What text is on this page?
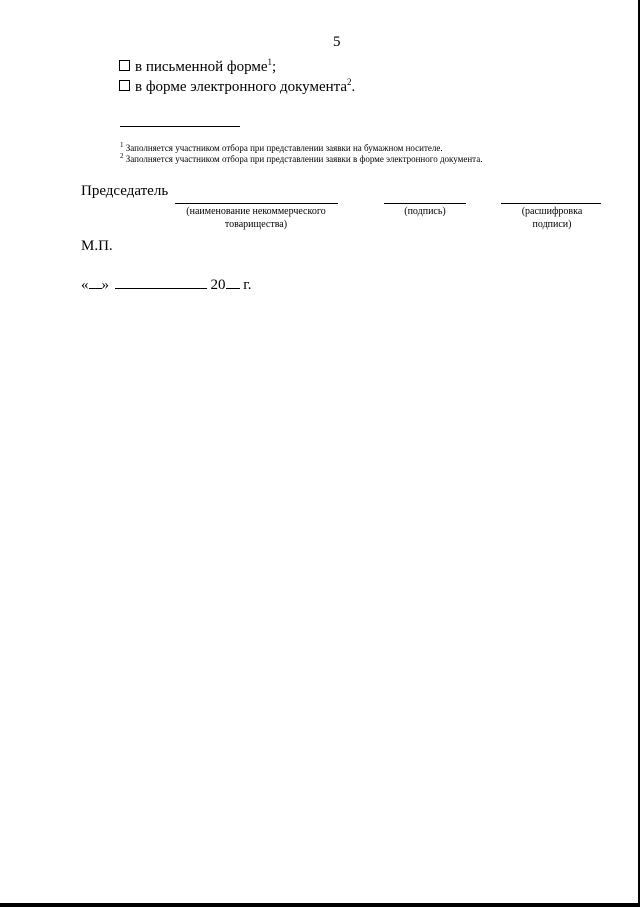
5
в письменной форме$^1$;
в форме электронного документа$^2$.
$^1$ Заполняется участником отбора при представлении заявки на бумажном носителе.
$^2$ Заполняется участником отбора при представлении заявки в форме электронного документа.
Председатель
(наименование некоммерческого товарищества)
(подпись)	(расшифровка подписи)
М.П.
« »	20 г.
